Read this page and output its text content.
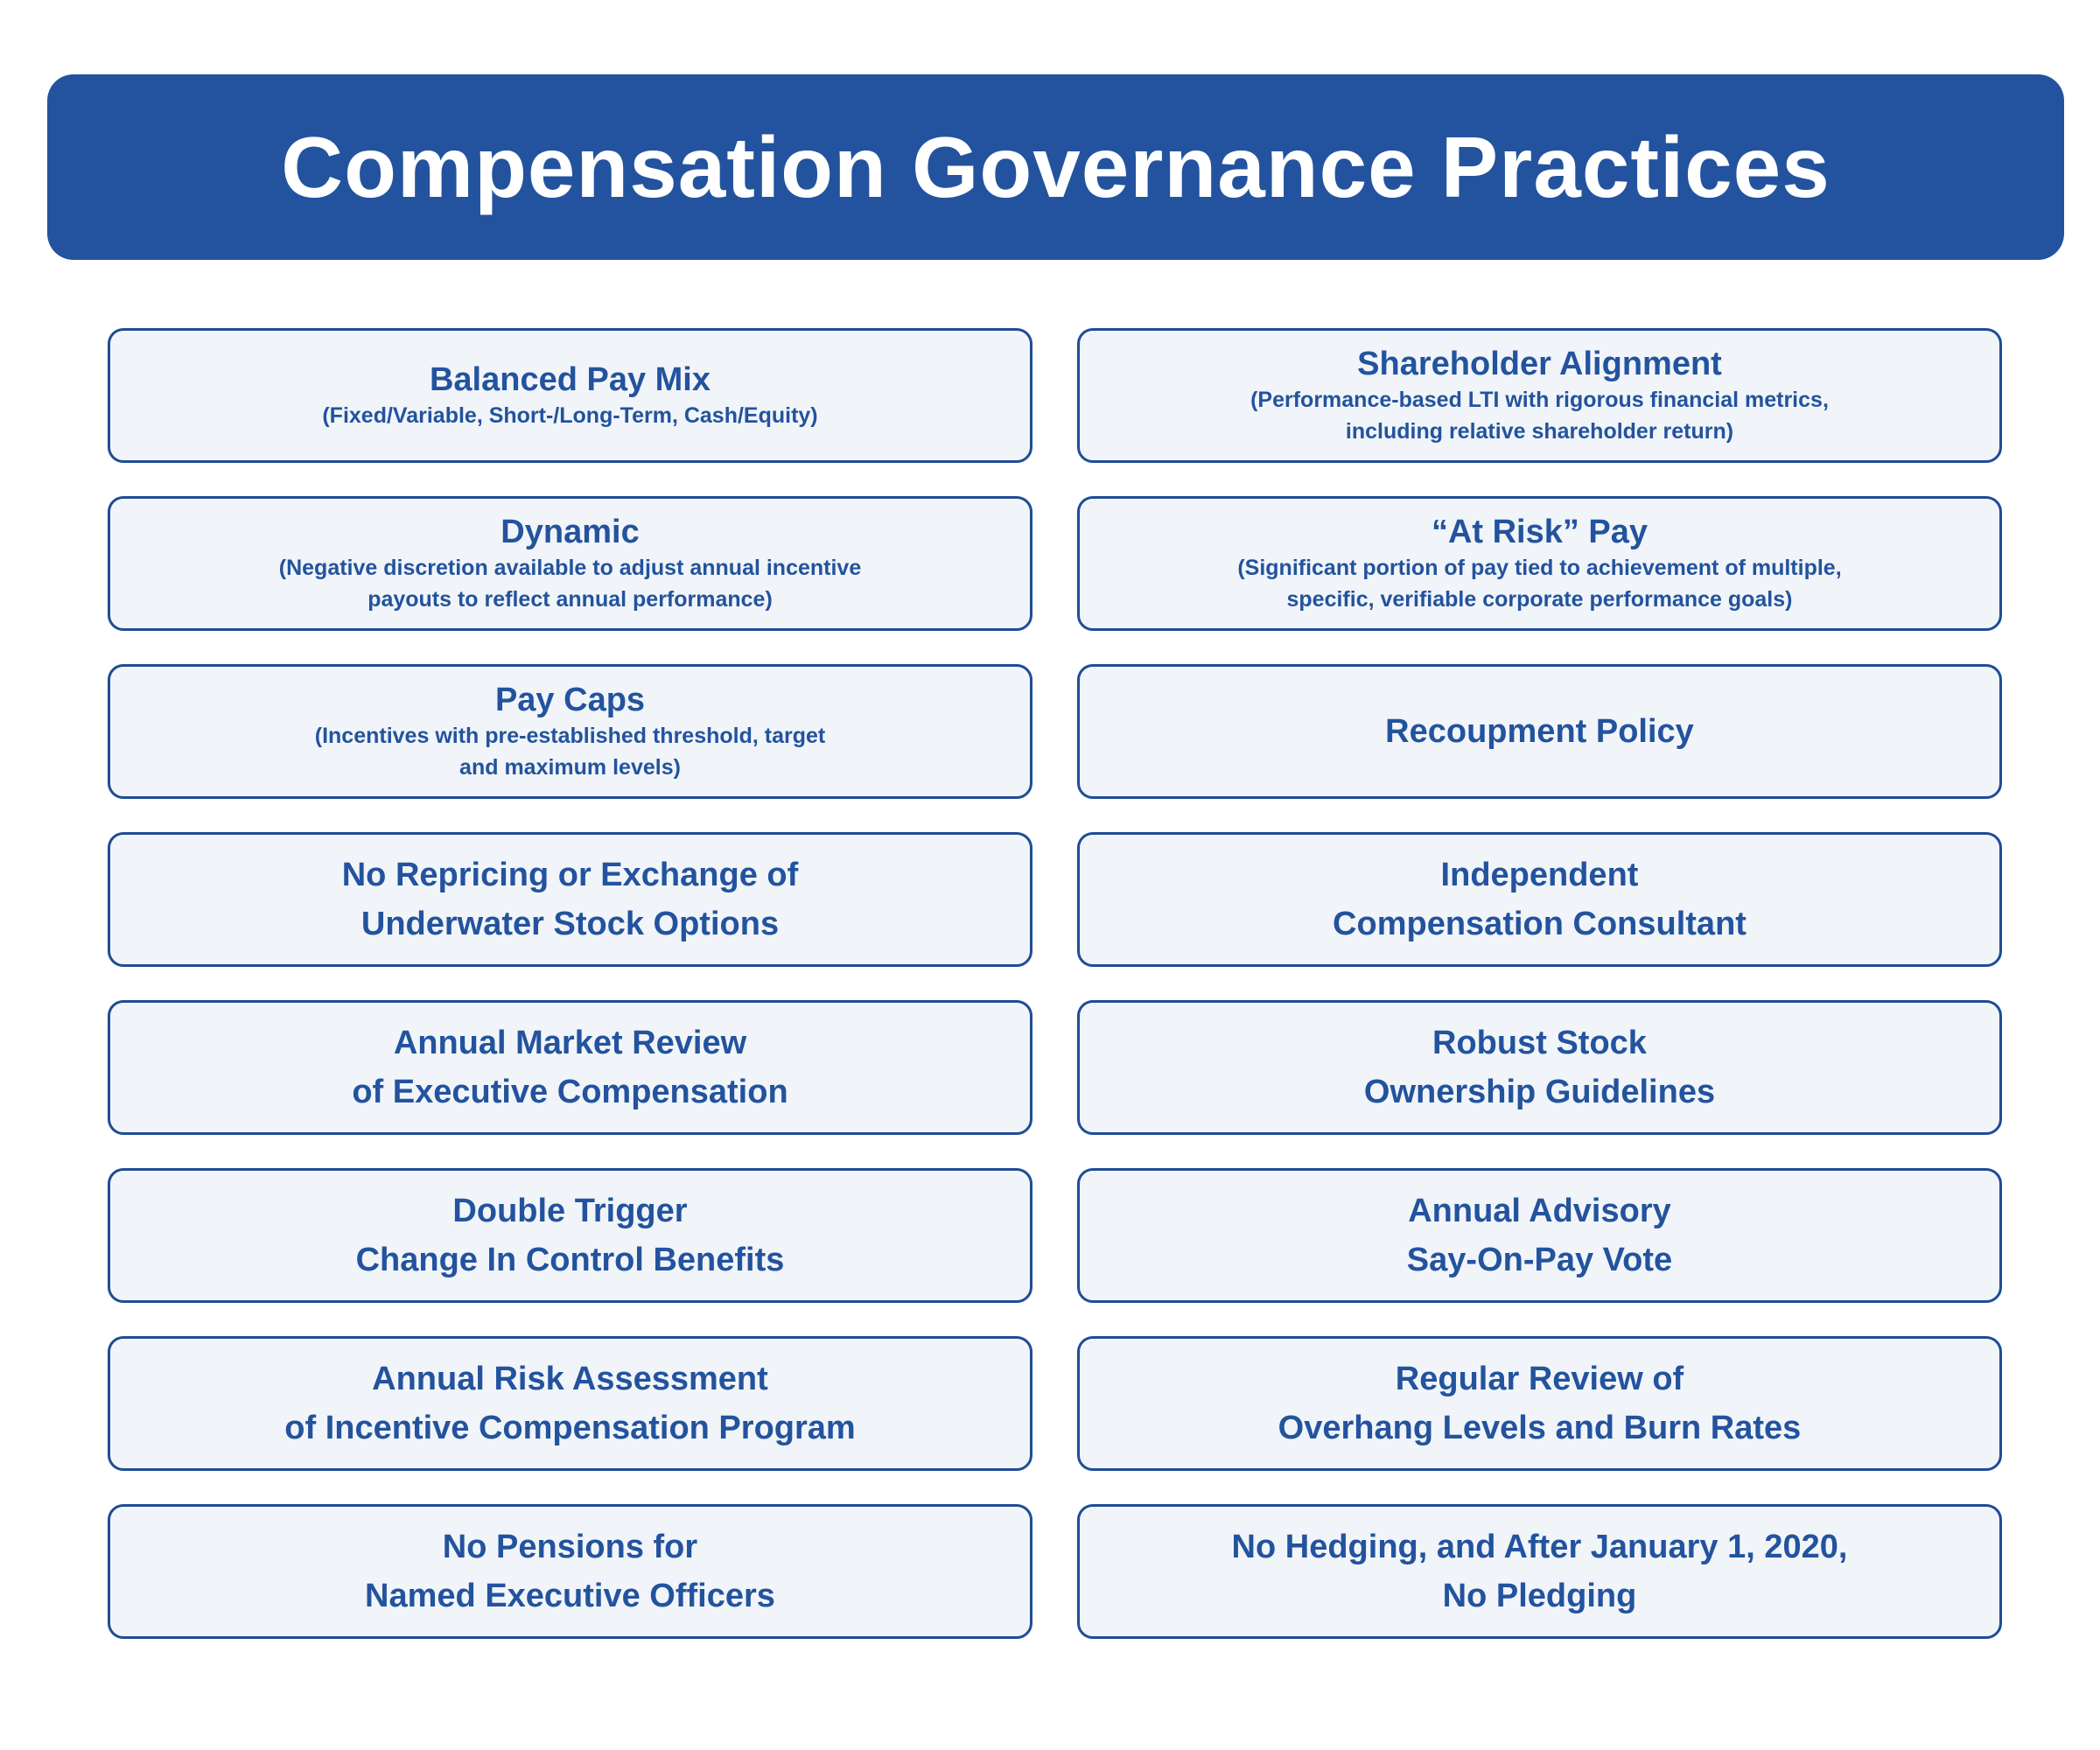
Compensation Governance Practices
Balanced Pay Mix
(Fixed/Variable, Short-/Long-Term, Cash/Equity)
Shareholder Alignment
(Performance-based LTI with rigorous financial metrics,
including relative shareholder return)
Dynamic
(Negative discretion available to adjust annual incentive
payouts to reflect annual performance)
“At Risk” Pay
(Significant portion of pay tied to achievement of multiple,
specific, verifiable corporate performance goals)
Pay Caps
(Incentives with pre-established threshold, target
and maximum levels)
Recoupment Policy
No Repricing or Exchange of
Underwater Stock Options
Independent
Compensation Consultant
Annual Market Review
of Executive Compensation
Robust Stock
Ownership Guidelines
Double Trigger
Change In Control Benefits
Annual Advisory
Say-On-Pay Vote
Annual Risk Assessment
of Incentive Compensation Program
Regular Review of
Overhang Levels and Burn Rates
No Pensions for
Named Executive Officers
No Hedging, and After January 1, 2020,
No Pledging
